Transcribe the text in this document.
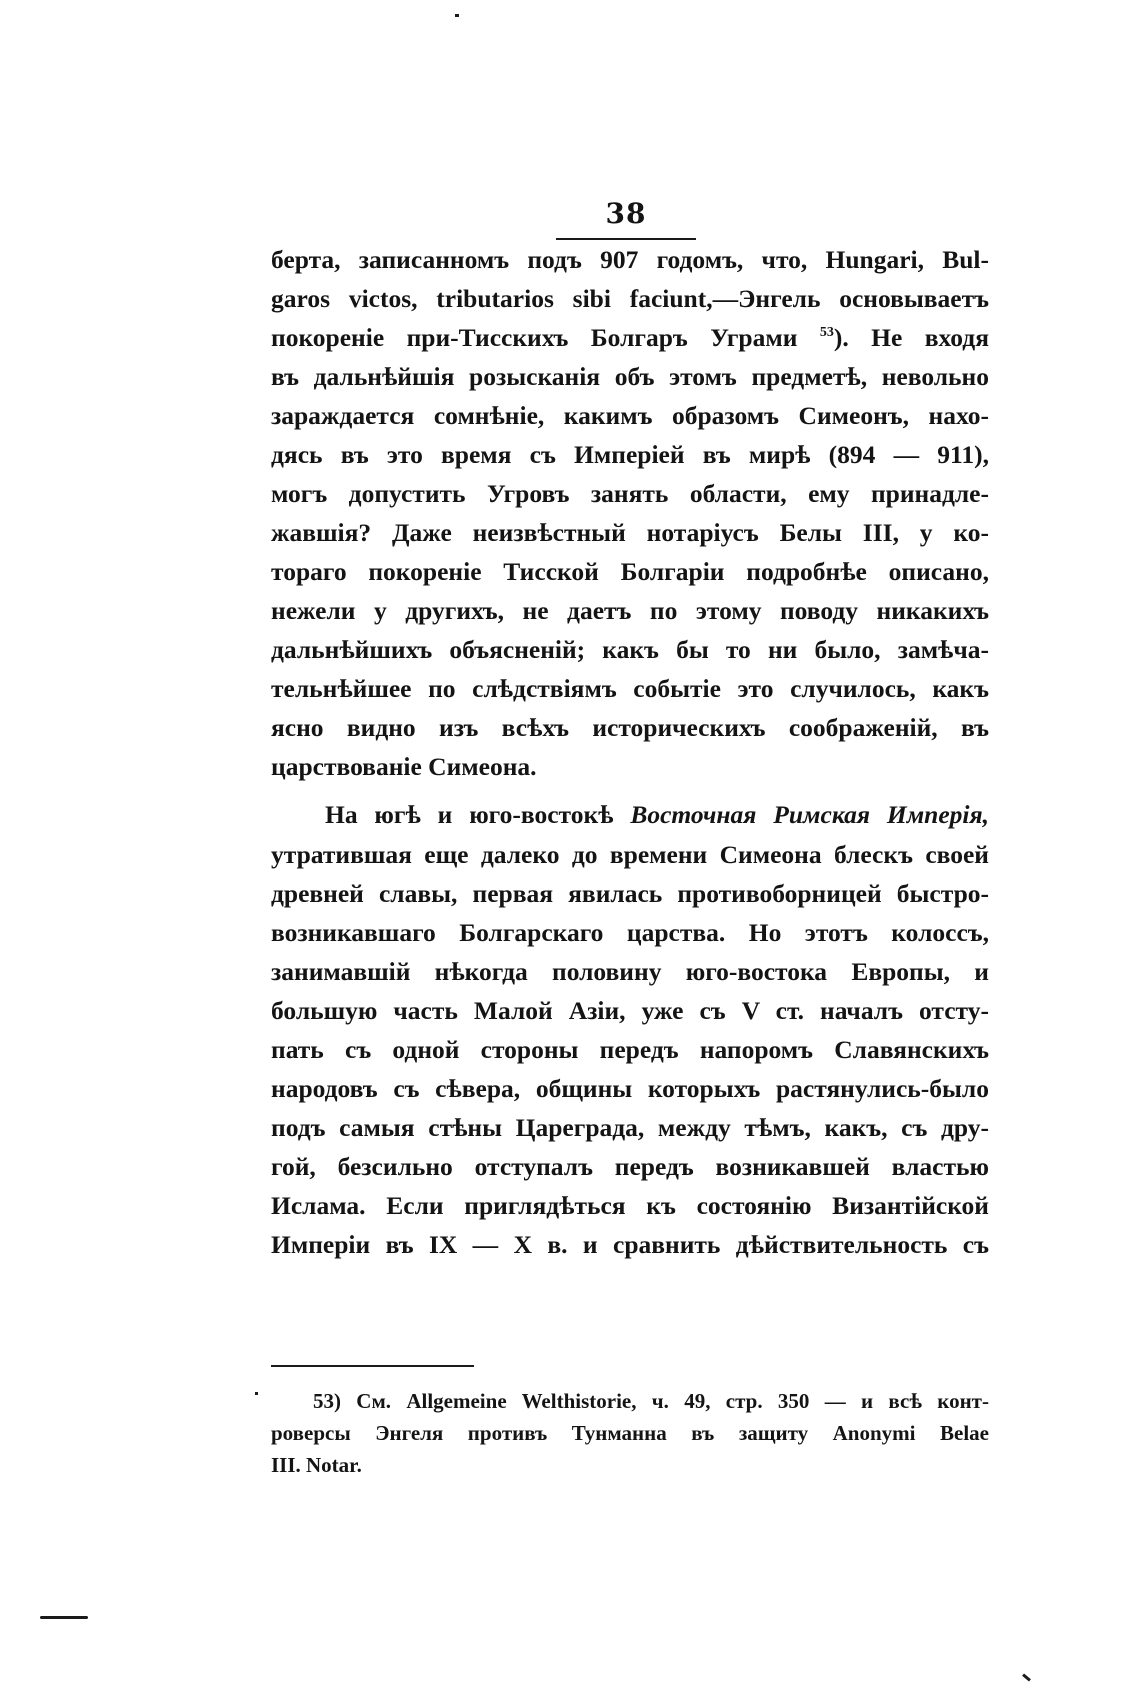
38
берта, записанномъ подъ 907 годомъ, что, Hungari, Bul-
garos victos, tributarios sibi faciunt,—Энгель основываетъ
покореніе при-Тисскихъ Болгаръ Уграми $^{53}$). Не входя
въ дальнѣйшія розысканія объ этомъ предметѣ, невольно
зараждается сомнѣніе, какимъ образомъ Симеонъ, нахо-
дясь въ это время съ Имперіей въ мирѣ (894 — 911),
могъ допустить Угровъ занять области, ему принадле-
жавшія? Даже неизвѣстный нотаріусъ Белы III, у ко-
тораго покореніе Тисской Болгаріи подробнѣе описано,
нежели у другихъ, не даетъ по этому поводу никакихъ
дальнѣйшихъ объясненій; какъ бы то ни было, замѣча-
тельнѣйшее по слѣдствіямъ событіе это случилось, какъ
ясно видно изъ всѣхъ историческихъ соображеній, въ
царствованіе Симеона.
На югѣ и юго-востокѣ Восточная Римская Имперія,
утратившая еще далеко до времени Симеона блескъ своей
древней славы, первая явилась противоборницей быстро-
возникавшаго Болгарскаго царства. Но этотъ колоссъ,
занимавшій нѣкогда половину юго-востока Европы, и
большую часть Малой Азіи, уже съ V ст. началъ отсту-
пать съ одной стороны передъ напоромъ Славянскихъ
народовъ съ сѣвера, общины которыхъ растянулись-было
подъ самыя стѣны Цареграда, между тѣмъ, какъ, съ дру-
гой, безсильно отступалъ передъ возникавшей властью
Ислама. Если приглядѣться къ состоянію Византійской
Имперіи въ IX — X в. и сравнить дѣйствительность съ
53) См. Allgemeine Welthistorie, ч. 49, стр. 350 — и всѣ конт-
роверсы Энгеля противъ Тунманна въ защиту Anonymi Belae
III. Notar.
